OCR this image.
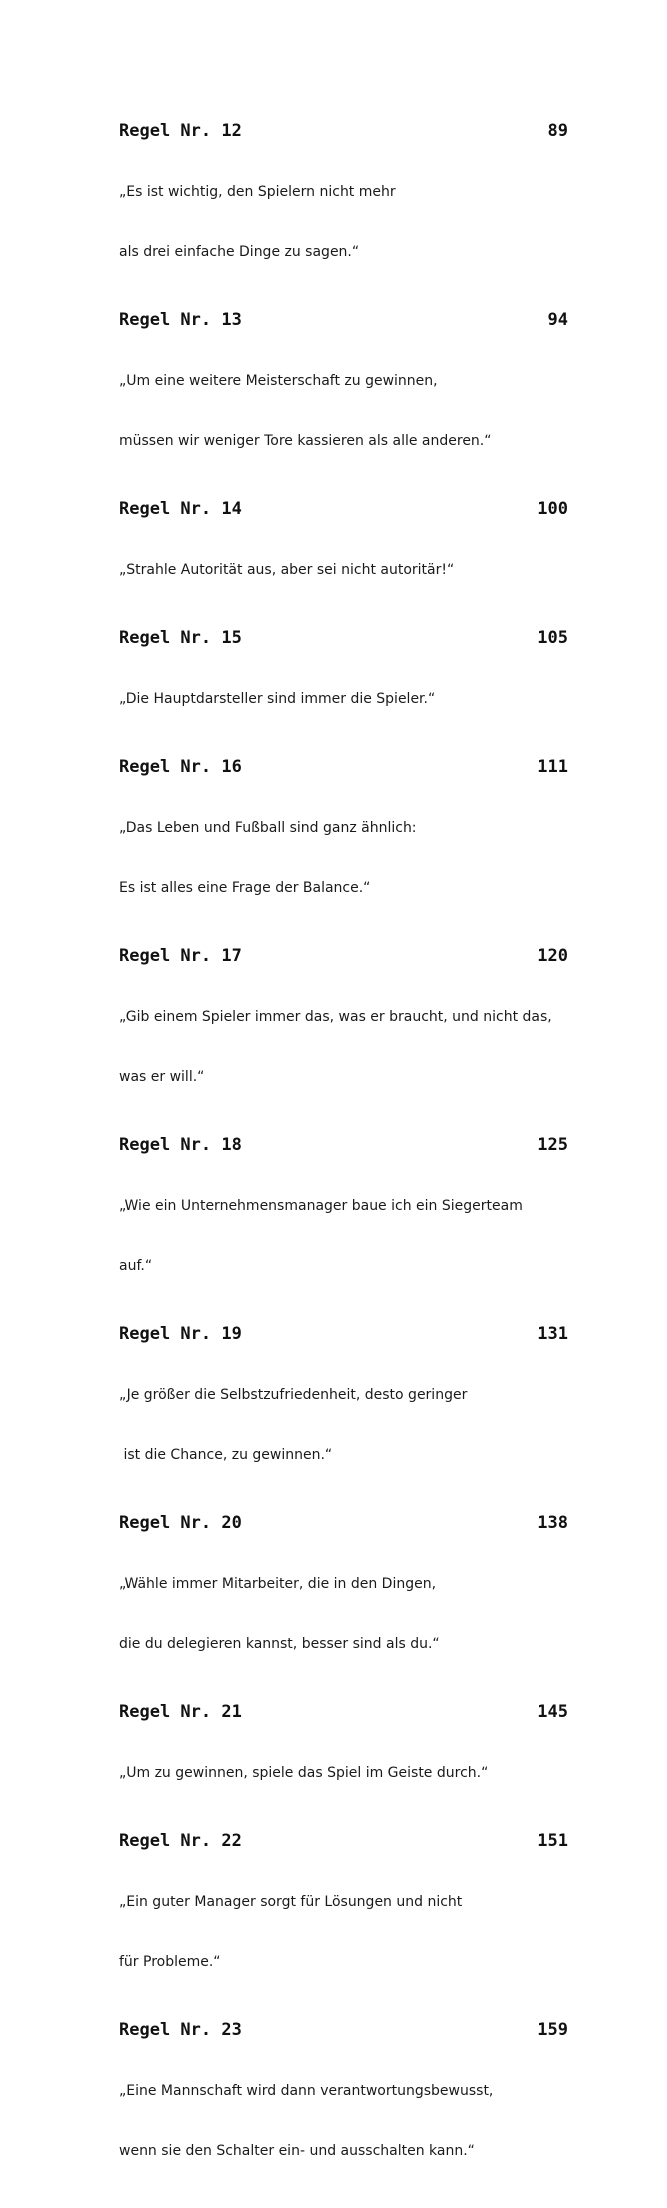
Regel Nr. 12	89

„Es ist wichtig, den Spielern nicht mehr

als drei einfache Dinge zu sagen.“

Regel Nr. 13	94

„Um eine weitere Meisterschaft zu gewinnen,

müssen wir weniger Tore kassieren als alle anderen.“

Regel Nr. 14	100

„Strahle Autorität aus, aber sei nicht autoritär!“

Regel Nr. 15	105

„Die Hauptdarsteller sind immer die Spieler.“

Regel Nr. 16	111

„Das Leben und Fußball sind ganz ähnlich:

Es ist alles eine Frage der Balance.“

Regel Nr. 17	120

„Gib einem Spieler immer das, was er braucht, und nicht das,

was er will.“

Regel Nr. 18	125

„Wie ein Unternehmensmanager baue ich ein Siegerteam

auf.“

Regel Nr. 19	131

„Je größer die Selbstzufriedenheit, desto geringer

ist die Chance, zu gewinnen.“

Regel Nr. 20	138

„Wähle immer Mitarbeiter, die in den Dingen,

die du delegieren kannst, besser sind als du.“

Regel Nr. 21	145

„Um zu gewinnen, spiele das Spiel im Geiste durch.“

Regel Nr. 22	151

„Ein guter Manager sorgt für Lösungen und nicht

für Probleme.“

Regel Nr. 23	159

„Eine Mannschaft wird dann verantwortungsbewusst,

wenn sie den Schalter ein- und ausschalten kann.“
